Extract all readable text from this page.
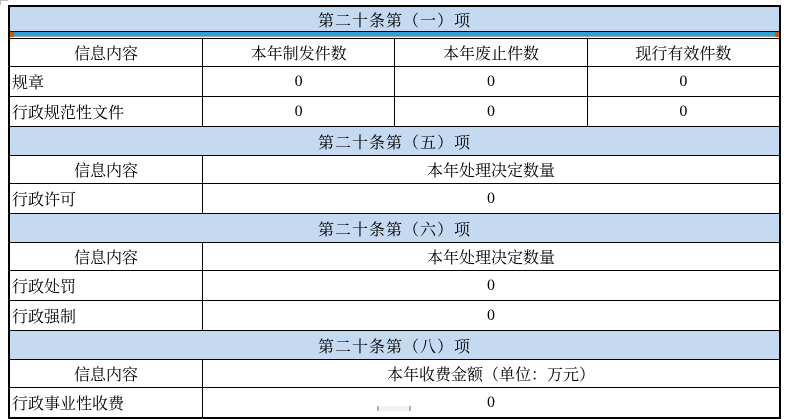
第二十条第（一）项
信息内容	本年制发件数	本年废止件数	现行有效件数
规章	0	0	0
行政规范性文件	0	0	0
第二十条第（五）项
信息内容	本年处理决定数量
行政许可	0
第二十条第（六）项
信息内容	本年处理决定数量
行政处罚	0
行政强制	0
第二十条第（八）项
信息内容	本年收费金额（单位：万元）
行政事业性收费	0
